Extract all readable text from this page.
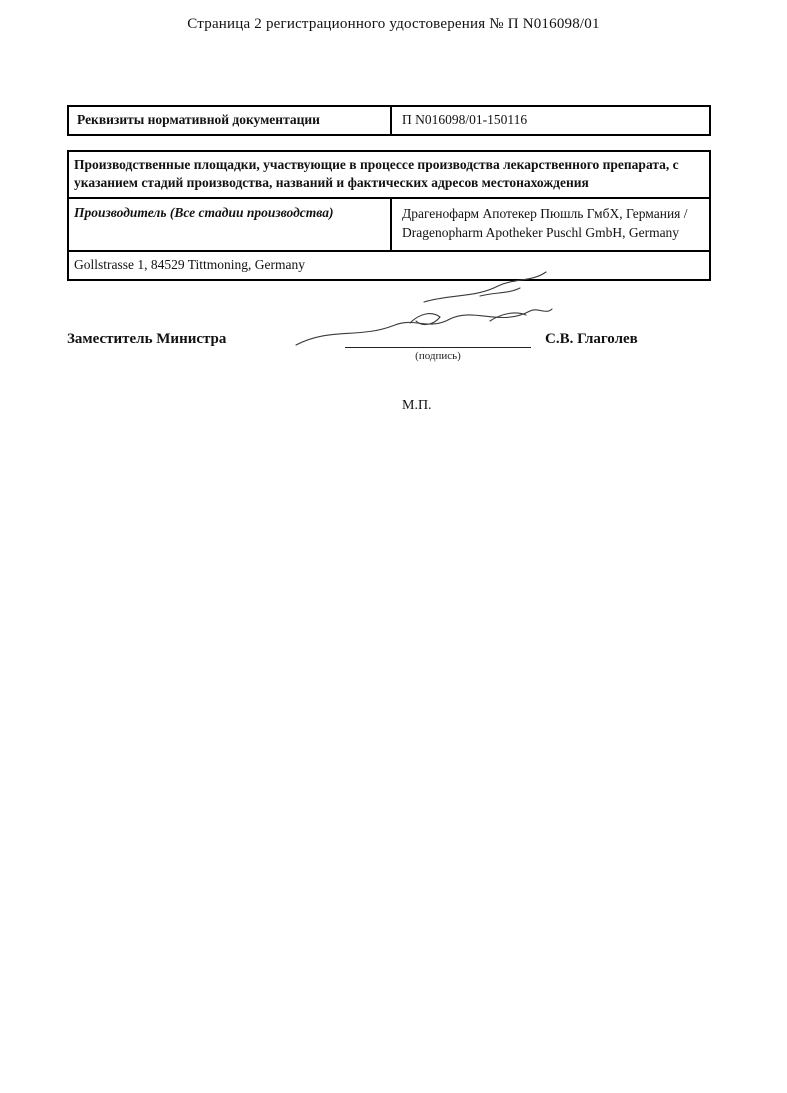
Страница 2 регистрационного удостоверения № П N016098/01
Реквизиты нормативной документации	П N016098/01-150116
Производственные площадки, участвующие в процессе производства лекарственного препарата, с указанием стадий производства, названий и фактических адресов местонахождения
Производитель (Все стадии производства)	Драгенофарм Апотекер Пюшль ГмбХ, Германия / Dragenopharm Apotheker Puschl GmbH, Germany
Gollstrasse 1, 84529 Tittmoning, Germany
Заместитель Министра
(подпись)
С.В. Глаголев
М.П.
